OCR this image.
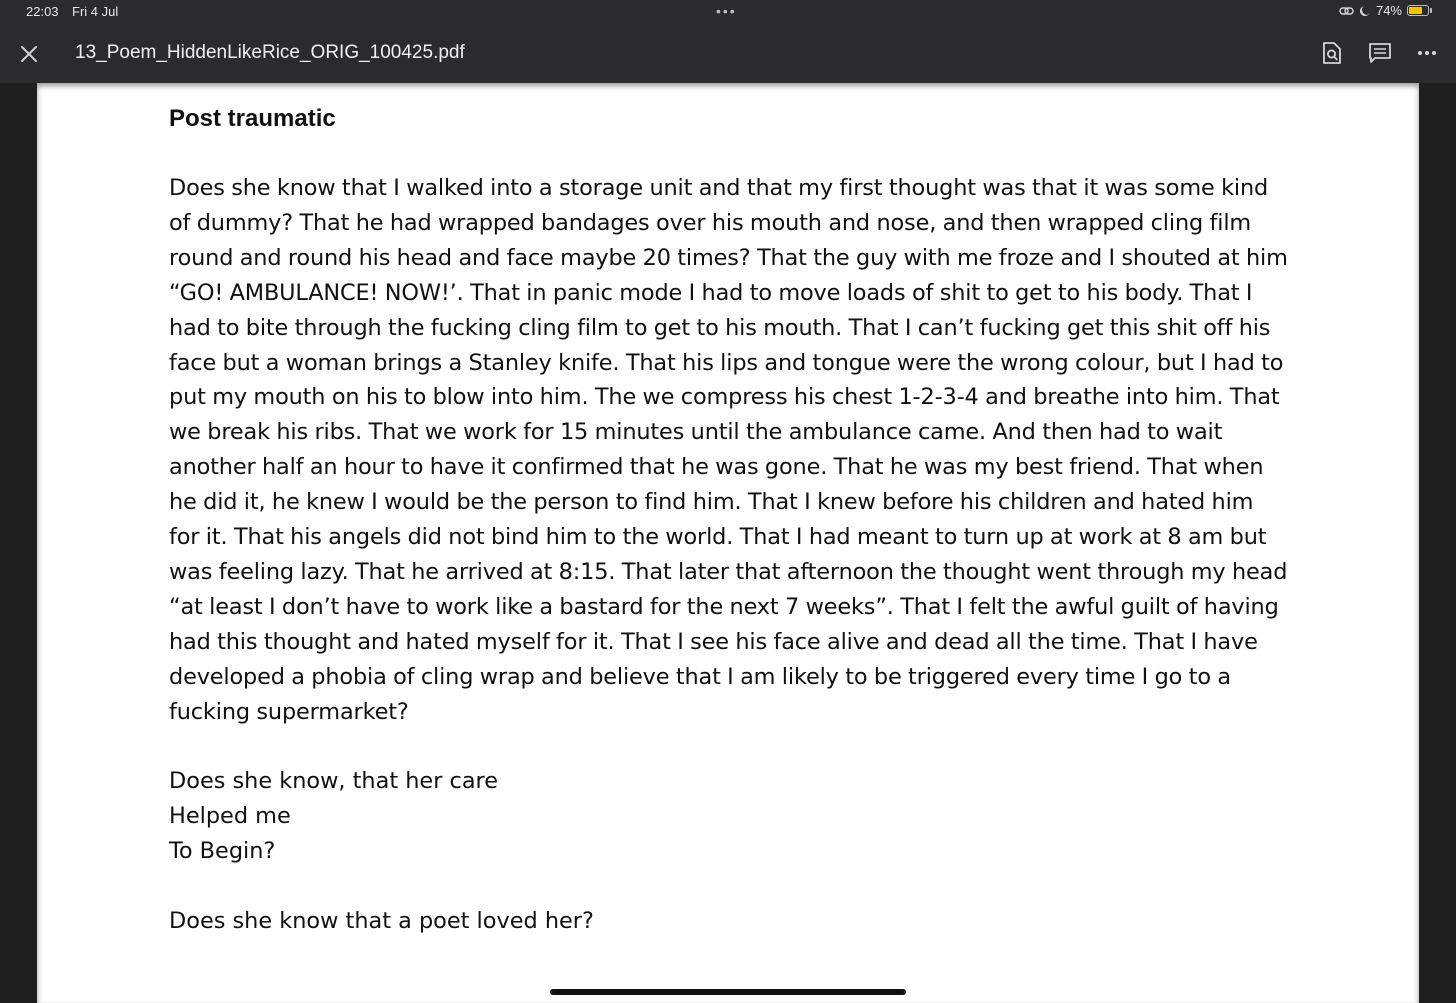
22:03 Fri 4 Jul	•••	74%
13_Poem_HiddenLikeRice_ORIG_100425.pdf
Post traumatic

Does she know that I walked into a storage unit and that my first thought was that it was some kind of dummy? That he had wrapped bandages over his mouth and nose, and then wrapped cling film round and round his head and face maybe 20 times? That the guy with me froze and I shouted at him “GO! AMBULANCE! NOW!’. That in panic mode I had to move loads of shit to get to his body. That I had to bite through the fucking cling film to get to his mouth. That I can’t fucking get this shit off his face but a woman brings a Stanley knife. That his lips and tongue were the wrong colour, but I had to put my mouth on his to blow into him. The we compress his chest 1-2-3-4 and breathe into him. That we break his ribs. That we work for 15 minutes until the ambulance came. And then had to wait another half an hour to have it confirmed that he was gone. That he was my best friend. That when he did it, he knew I would be the person to find him. That I knew before his children and hated him for it. That his angels did not bind him to the world. That I had meant to turn up at work at 8 am but was feeling lazy. That he arrived at 8:15. That later that afternoon the thought went through my head “at least I don’t have to work like a bastard for the next 7 weeks”. That I felt the awful guilt of having had this thought and hated myself for it. That I see his face alive and dead all the time. That I have developed a phobia of cling wrap and believe that I am likely to be triggered every time I go to a fucking supermarket?

Does she know, that her care
Helped me
To Begin?

Does she know that a poet loved her?
